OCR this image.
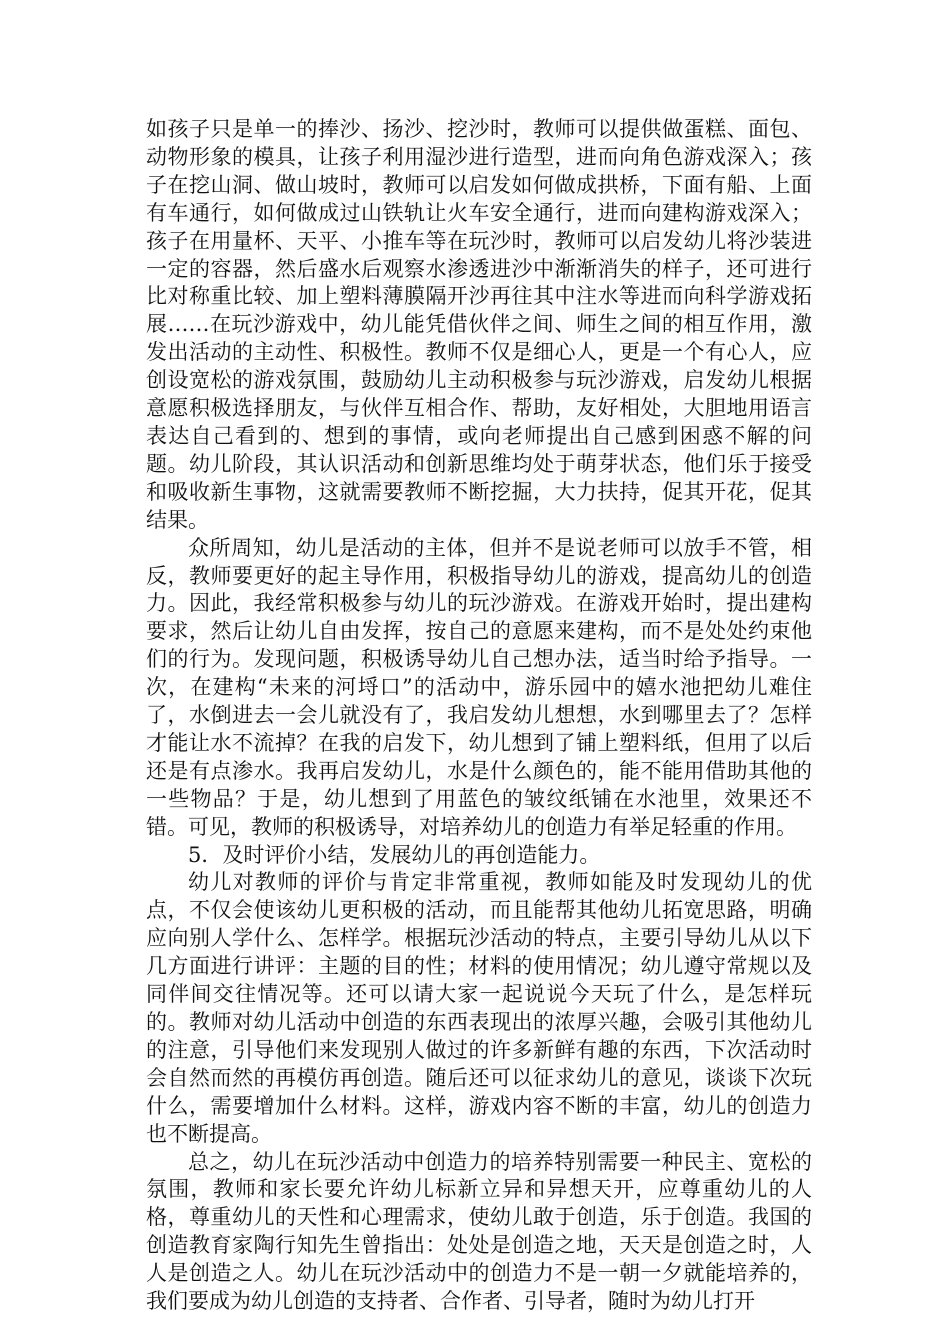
如孩子只是单一的捧沙、扬沙、挖沙时，教师可以提供做蛋糕、面包、动物形象的模具，让孩子利用湿沙进行造型，进而向角色游戏深入；孩子在挖山洞、做山坡时，教师可以启发如何做成拱桥，下面有船、上面有车通行，如何做成过山铁轨让火车安全通行，进而向建构游戏深入；孩子在用量杯、天平、小推车等在玩沙时，教师可以启发幼儿将沙装进一定的容器，然后盛水后观察水渗透进沙中渐渐消失的样子，还可进行比对称重比较、加上塑料薄膜隔开沙再往其中注水等进而向科学游戏拓展……在玩沙游戏中，幼儿能凭借伙伴之间、师生之间的相互作用，激发出活动的主动性、积极性。教师不仅是细心人，更是一个有心人，应创设宽松的游戏氛围，鼓励幼儿主动积极参与玩沙游戏，启发幼儿根据意愿积极选择朋友，与伙伴互相合作、帮助，友好相处，大胆地用语言表达自己看到的、想到的事情，或向老师提出自己感到困惑不解的问题。幼儿阶段，其认识活动和创新思维均处于萌芽状态，他们乐于接受和吸收新生事物，这就需要教师不断挖掘，大力扶持，促其开花，促其结果。

众所周知，幼儿是活动的主体，但并不是说老师可以放手不管，相反，教师要更好的起主导作用，积极指导幼儿的游戏，提高幼儿的创造力。因此，我经常积极参与幼儿的玩沙游戏。在游戏开始时，提出建构要求，然后让幼儿自由发挥，按自己的意愿来建构，而不是处处约束他们的行为。发现问题，积极诱导幼儿自己想办法，适当时给予指导。一次，在建构“未来的河埒口”的活动中，游乐园中的嬉水池把幼儿难住了，水倒进去一会儿就没有了，我启发幼儿想想，水到哪里去了？怎样才能让水不流掉？在我的启发下，幼儿想到了铺上塑料纸，但用了以后还是有点渗水。我再启发幼儿，水是什么颜色的，能不能用借助其他的一些物品？于是，幼儿想到了用蓝色的皱纹纸铺在水池里，效果还不错。可见，教师的积极诱导，对培养幼儿的创造力有举足轻重的作用。

5．及时评价小结，发展幼儿的再创造能力。

幼儿对教师的评价与肯定非常重视，教师如能及时发现幼儿的优点，不仅会使该幼儿更积极的活动，而且能帮其他幼儿拓宽思路，明确应向别人学什么、怎样学。根据玩沙活动的特点，主要引导幼儿从以下几方面进行讲评：主题的目的性；材料的使用情况；幼儿遵守常规以及同伴间交往情况等。还可以请大家一起说说今天玩了什么，是怎样玩的。教师对幼儿活动中创造的东西表现出的浓厚兴趣，会吸引其他幼儿的注意，引导他们来发现别人做过的许多新鲜有趣的东西，下次活动时会自然而然的再模仿再创造。随后还可以征求幼儿的意见，谈谈下次玩什么，需要增加什么材料。这样，游戏内容不断的丰富，幼儿的创造力也不断提高。

总之，幼儿在玩沙活动中创造力的培养特别需要一种民主、宽松的氛围，教师和家长要允许幼儿标新立异和异想天开，应尊重幼儿的人格，尊重幼儿的天性和心理需求，使幼儿敢于创造，乐于创造。我国的创造教育家陶行知先生曾指出：处处是创造之地，天天是创造之时，人人是创造之人。幼儿在玩沙活动中的创造力不是一朝一夕就能培养的，我们要成为幼儿创造的支持者、合作者、引导者，随时为幼儿打开
